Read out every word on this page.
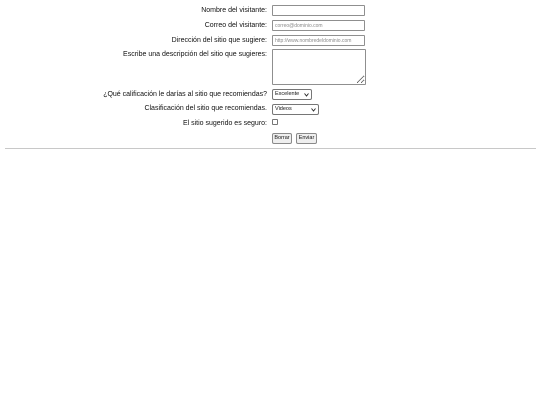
Nombre del visitante:
Correo del visitante:
correo@dominio.com
Dirección del sitio que sugiere:
http://www.nombredeldominio.com
Escribe una descripción del sitio que sugieres:
¿Qué calificación le darías al sitio que recomiendas?	Excelente
Clasificación del sitio que recomiendas.	Videos
El sitio sugerido es seguro:
Borrar	Enviar
